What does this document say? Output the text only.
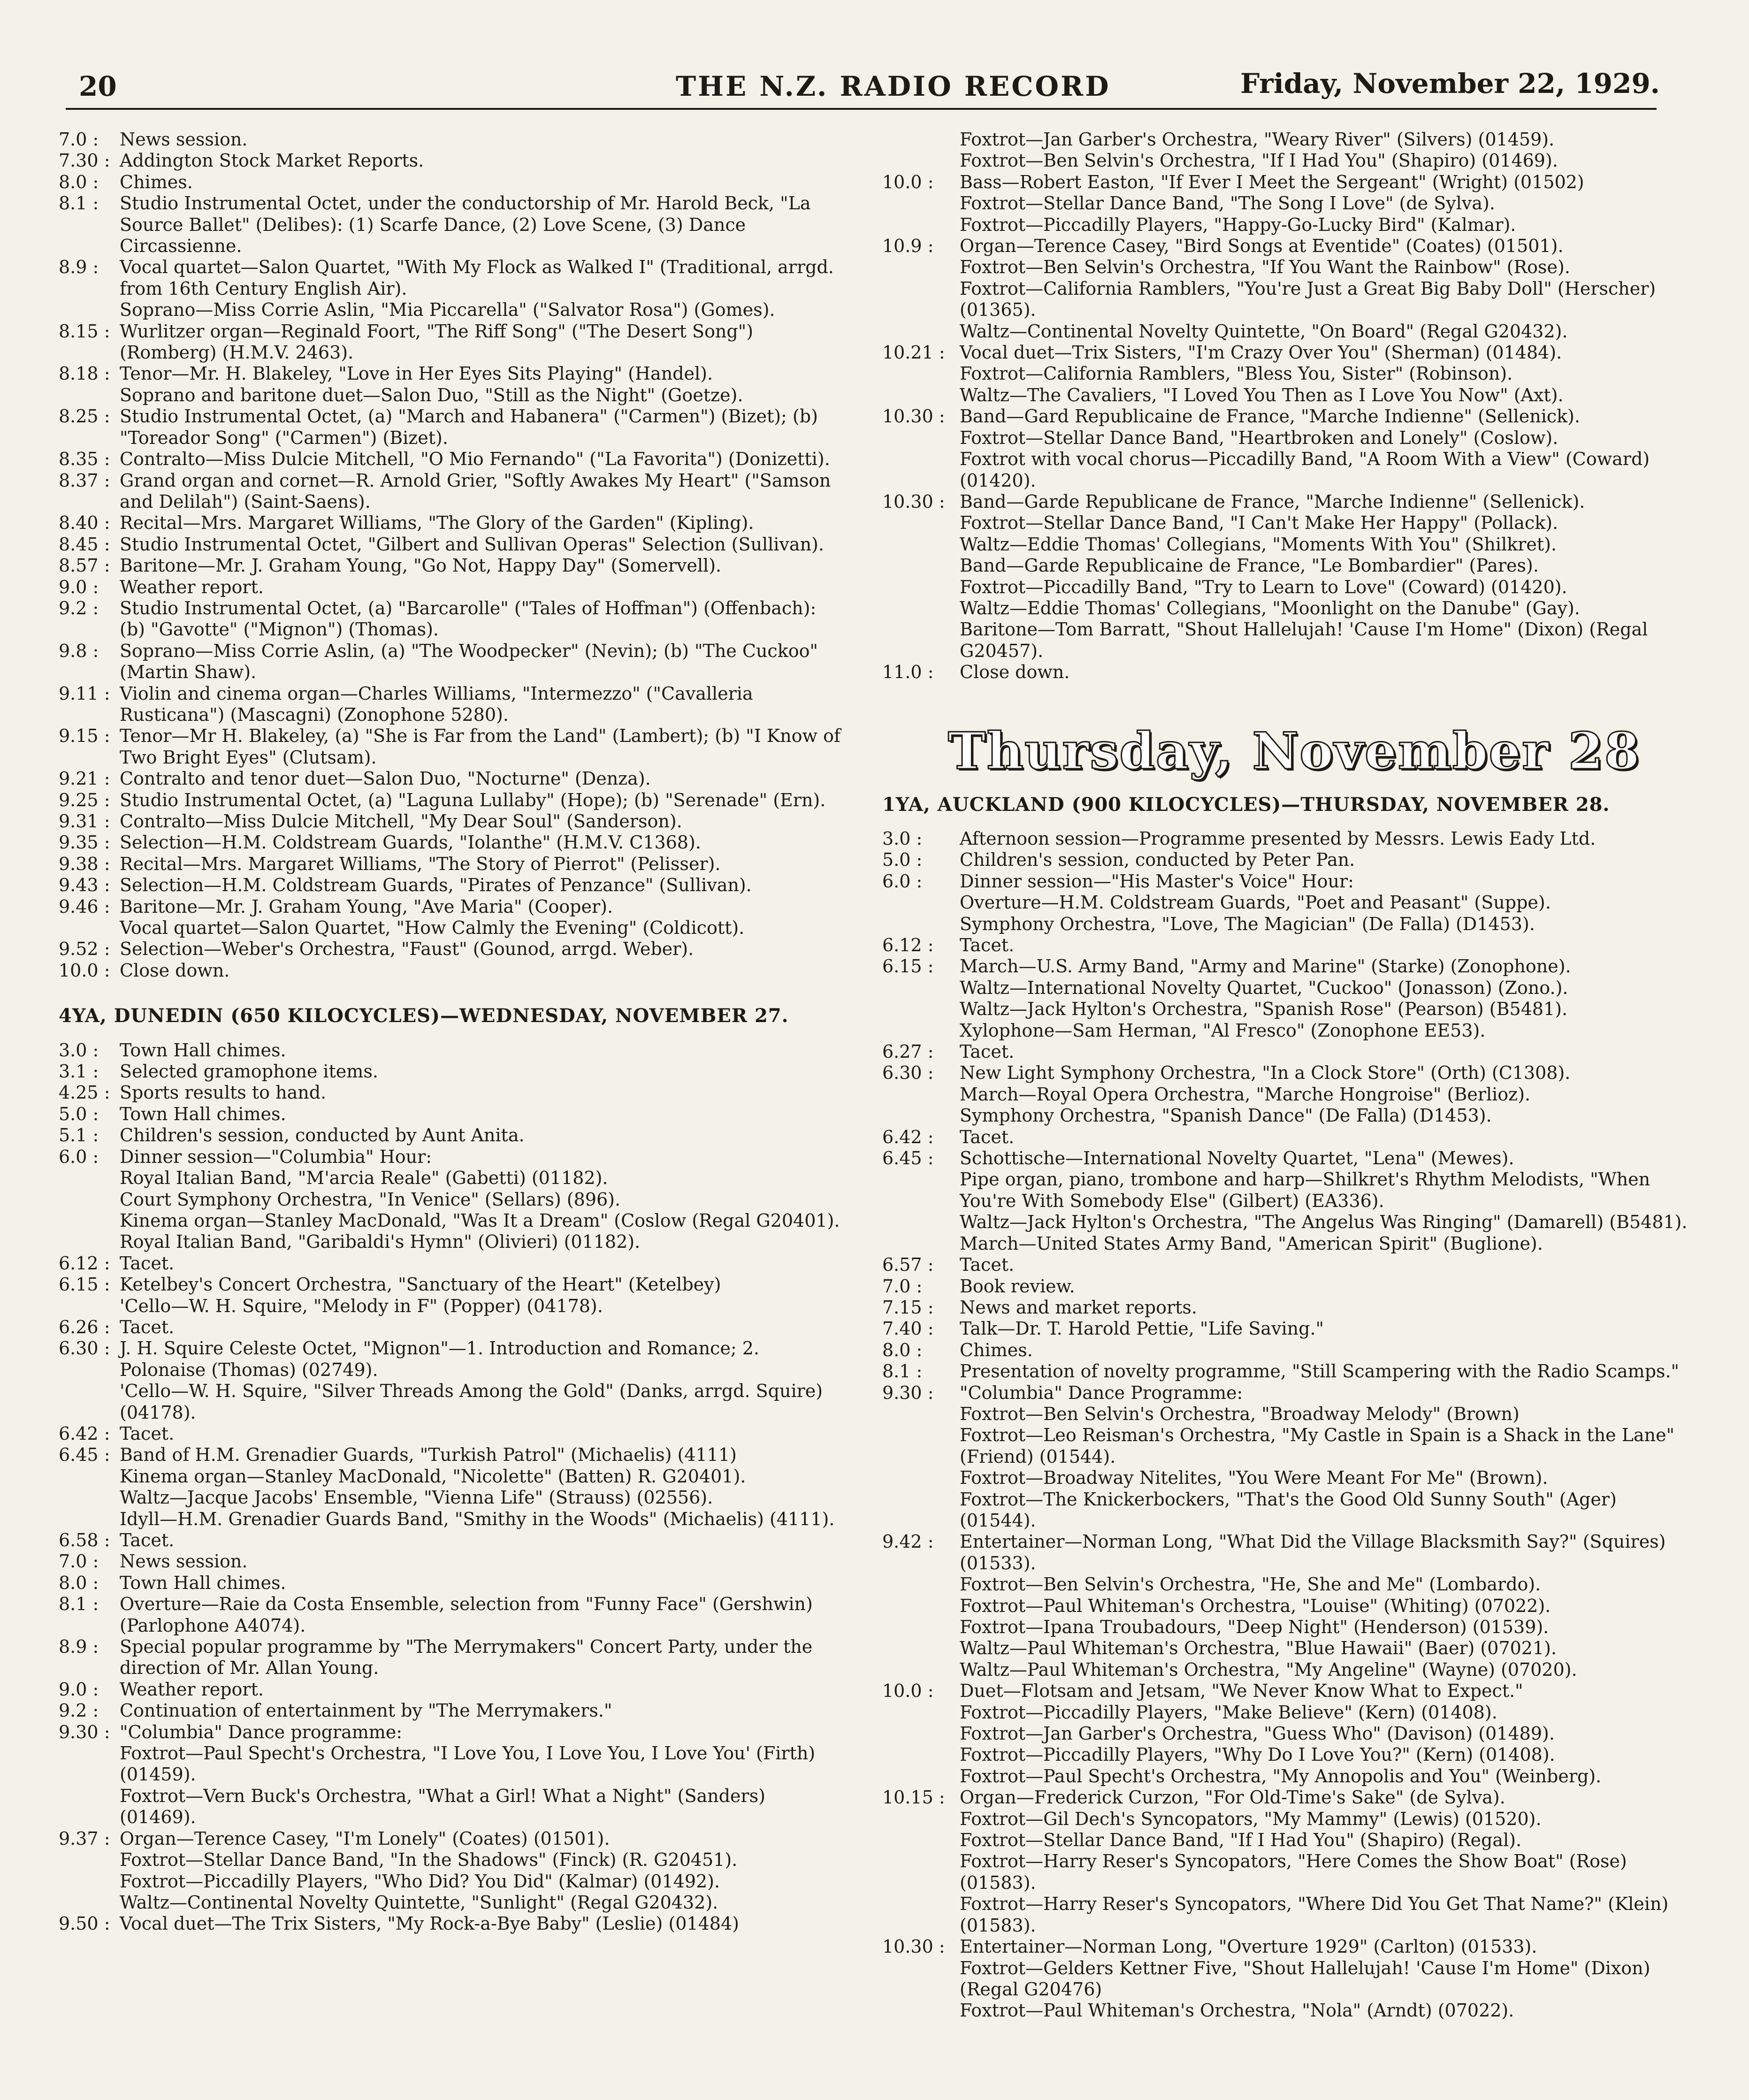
20	THE N.Z. RADIO RECORD	Friday, November 22, 1929.
7.0 :	News session.
7.30 : Addington Stock Market Reports.
8.0 :	Chimes.
8.1 :	Studio Instrumental Octet, under the conductorship of Mr. Harold Beck, "La Source Ballet" (Delibes): (1) Scarfe Dance, (2) Love Scene, (3) Dance Circassienne.
8.9 :	Vocal quartet—Salon Quartet, "With My Flock as Walked I" (Traditional, arrgd. from 16th Century English Air).
Soprano—Miss Corrie Aslin, "Mia Piccarella" ("Salvator Rosa") (Gomes).
8.15 : Wurlitzer organ—Reginald Foort, "The Riff Song" ("The Desert Song") (Romberg) (H.M.V. 2463).
8.18 : Tenor—Mr. H. Blakeley, "Love in Her Eyes Sits Playing" (Handel).
Soprano and baritone duet—Salon Duo, "Still as the Night" (Goetze).
8.25 : Studio Instrumental Octet, (a) "March and Habanera" ("Carmen") (Bizet); (b) "Toreador Song" ("Carmen") (Bizet).
8.35 : Contralto—Miss Dulcie Mitchell, "O Mio Fernando" ("La Favorita") (Donizetti).
8.37 : Grand organ and cornet—R. Arnold Grier, "Softly Awakes My Heart" ("Samson and Delilah") (Saint-Saens).
8.40 : Recital—Mrs. Margaret Williams, "The Glory of the Garden" (Kipling).
8.45 : Studio Instrumental Octet, "Gilbert and Sullivan Operas" Selection (Sullivan).
8.57 : Baritone—Mr. J. Graham Young, "Go Not, Happy Day" (Somervell).
9.0 :	Weather report.
9.2 :	Studio Instrumental Octet, (a) "Barcarolle" ("Tales of Hoffman") (Offenbach): (b) "Gavotte" ("Mignon") (Thomas).
9.8 :	Soprano—Miss Corrie Aslin, (a) "The Woodpecker" (Nevin); (b) "The Cuckoo" (Martin Shaw).
9.11 : Violin and cinema organ—Charles Williams, "Intermezzo" ("Cavalleria Rusticana") (Mascagni) (Zonophone 5280).
9.15 : Tenor—Mr H. Blakeley, (a) "She is Far from the Land" (Lambert); (b) "I Know of Two Bright Eyes" (Clutsam).
9.21 : Contralto and tenor duet—Salon Duo, "Nocturne" (Denza).
9.25 : Studio Instrumental Octet, (a) "Laguna Lullaby" (Hope); (b) "Serenade" (Ern).
9.31 : Contralto—Miss Dulcie Mitchell, "My Dear Soul" (Sanderson).
9.35 : Selection—H.M. Coldstream Guards, "Iolanthe" (H.M.V. C1368).
9.38 : Recital—Mrs. Margaret Williams, "The Story of Pierrot" (Pelisser).
9.43 : Selection—H.M. Coldstream Guards, "Pirates of Penzance" (Sullivan).
9.46 : Baritone—Mr. J. Graham Young, "Ave Maria" (Cooper).
Vocal quartet—Salon Quartet, "How Calmly the Evening" (Coldicott).
9.52 : Selection—Weber's Orchestra, "Faust" (Gounod, arrgd. Weber).
10.0 : Close down.
4YA, DUNEDIN (650 KILOCYCLES)—WEDNESDAY, NOVEMBER 27.
3.0 :	Town Hall chimes.
3.1 :	Selected gramophone items.
4.25 : Sports results to hand.
5.0 :	Town Hall chimes.
5.1 :	Children's session, conducted by Aunt Anita.
6.0 :	Dinner session—"Columbia" Hour:
Royal Italian Band, "M'arcia Reale" (Gabetti) (01182).
Court Symphony Orchestra, "In Venice" (Sellars) (896).
Kinema organ—Stanley MacDonald, "Was It a Dream" (Coslow (Regal G20401).
Royal Italian Band, "Garibaldi's Hymn" (Olivieri) (01182).
6.12 : Tacet.
6.15 : Ketelbey's Concert Orchestra, "Sanctuary of the Heart" (Ketelbey)
'Cello—W. H. Squire, "Melody in F" (Popper) (04178).
6.26 : Tacet.
6.30 : J. H. Squire Celeste Octet, "Mignon"—1. Introduction and Romance; 2. Polonaise (Thomas) (02749).
'Cello—W. H. Squire, "Silver Threads Among the Gold" (Danks, arrgd. Squire) (04178).
6.42 : Tacet.
6.45 : Band of H.M. Grenadier Guards, "Turkish Patrol" (Michaelis) (4111)
Kinema organ—Stanley MacDonald, "Nicolette" (Batten) R. G20401).
Waltz—Jacque Jacobs' Ensemble, "Vienna Life" (Strauss) (02556).
Idyll—H.M. Grenadier Guards Band, "Smithy in the Woods" (Michaelis) (4111).
6.58 : Tacet.
7.0 :	News session.
8.0 :	Town Hall chimes.
8.1 :	Overture—Raie da Costa Ensemble, selection from "Funny Face" (Gershwin) (Parlophone A4074).
8.9 :	Special popular programme by "The Merrymakers" Concert Party, under the direction of Mr. Allan Young.
9.0 :	Weather report.
9.2 :	Continuation of entertainment by "The Merrymakers."
9.30 : "Columbia" Dance programme:
Foxtrot—Paul Specht's Orchestra, "I Love You, I Love You, I Love You' (Firth) (01459).
Foxtrot—Vern Buck's Orchestra, "What a Girl! What a Night" (Sanders) (01469).
9.37 : Organ—Terence Casey, "I'm Lonely" (Coates) (01501).
Foxtrot—Stellar Dance Band, "In the Shadows" (Finck) (R. G20451).
Foxtrot—Piccadilly Players, "Who Did? You Did" (Kalmar) (01492).
Waltz—Continental Novelty Quintette, "Sunlight" (Regal G20432).
9.50 : Vocal duet—The Trix Sisters, "My Rock-a-Bye Baby" (Leslie) (01484)
Foxtrot—Jan Garber's Orchestra, "Weary River" (Silvers) (01459).
Foxtrot—Ben Selvin's Orchestra, "If I Had You" (Shapiro) (01469).
10.0 :	Bass—Robert Easton, "If Ever I Meet the Sergeant" (Wright) (01502)
Foxtrot—Stellar Dance Band, "The Song I Love" (de Sylva).
Foxtrot—Piccadilly Players, "Happy-Go-Lucky Bird" (Kalmar).
10.9 :	Organ—Terence Casey, "Bird Songs at Eventide" (Coates) (01501).
Foxtrot—Ben Selvin's Orchestra, "If You Want the Rainbow" (Rose).
Foxtrot—California Ramblers, "You're Just a Great Big Baby Doll" (Herscher) (01365).
Waltz—Continental Novelty Quintette, "On Board" (Regal G20432).
10.21 : Vocal duet—Trix Sisters, "I'm Crazy Over You" (Sherman) (01484).
Foxtrot—California Ramblers, "Bless You, Sister" (Robinson).
Waltz—The Cavaliers, "I Loved You Then as I Love You Now" (Axt).
10.30 : Band—Gard Republicaine de France, "Marche Indienne" (Sellenick).
Foxtrot—Stellar Dance Band, "Heartbroken and Lonely" (Coslow).
Foxtrot with vocal chorus—Piccadilly Band, "A Room With a View" (Coward) (01420).
10.30 : Band—Garde Republicane de France, "Marche Indienne" (Sellenick).
Foxtrot—Stellar Dance Band, "I Can't Make Her Happy" (Pollack).
Waltz—Eddie Thomas' Collegians, "Moments With You" (Shilkret).
Band—Garde Republicaine de France, "Le Bombardier" (Pares).
Foxtrot—Piccadilly Band, "Try to Learn to Love" (Coward) (01420).
Waltz—Eddie Thomas' Collegians, "Moonlight on the Danube" (Gay).
Baritone—Tom Barratt, "Shout Hallelujah! 'Cause I'm Home" (Dixon) (Regal G20457).
11.0 :	Close down.
Thursday, November 28
1YA, AUCKLAND (900 KILOCYCLES)—THURSDAY, NOVEMBER 28.
3.0 :	Afternoon session—Programme presented by Messrs. Lewis Eady Ltd.
5.0 :	Children's session, conducted by Peter Pan.
6.0 :	Dinner session—"His Master's Voice" Hour:
Overture—H.M. Coldstream Guards, "Poet and Peasant" (Suppe).
Symphony Orchestra, "Love, The Magician" (De Falla) (D1453).
6.12 :	Tacet.
6.15 :	March—U.S. Army Band, "Army and Marine" (Starke) (Zonophone).
Waltz—International Novelty Quartet, "Cuckoo" (Jonasson) (Zono.).
Waltz—Jack Hylton's Orchestra, "Spanish Rose" (Pearson) (B5481).
Xylophone—Sam Herman, "Al Fresco" (Zonophone EE53).
6.27 :	Tacet.
6.30 :	New Light Symphony Orchestra, "In a Clock Store" (Orth) (C1308).
March—Royal Opera Orchestra, "Marche Hongroise" (Berlioz).
Symphony Orchestra, "Spanish Dance" (De Falla) (D1453).
6.42 :	Tacet.
6.45 :	Schottische—International Novelty Quartet, "Lena" (Mewes).
Pipe organ, piano, trombone and harp—Shilkret's Rhythm Melodists, "When You're With Somebody Else" (Gilbert) (EA336).
Waltz—Jack Hylton's Orchestra, "The Angelus Was Ringing" (Damarell) (B5481).
March—United States Army Band, "American Spirit" (Buglione).
6.57 :	Tacet.
7.0 :	Book review.
7.15 :	News and market reports.
7.40 :	Talk—Dr. T. Harold Pettie, "Life Saving."
8.0 :	Chimes.
8.1 :	Presentation of novelty programme, "Still Scampering with the Radio Scamps."
9.30 :	"Columbia" Dance Programme:
Foxtrot—Ben Selvin's Orchestra, "Broadway Melody" (Brown)
Foxtrot—Leo Reisman's Orchestra, "My Castle in Spain is a Shack in the Lane" (Friend) (01544).
Foxtrot—Broadway Nitelites, "You Were Meant For Me" (Brown).
Foxtrot—The Knickerbockers, "That's the Good Old Sunny South" (Ager) (01544).
9.42 :	Entertainer—Norman Long, "What Did the Village Blacksmith Say?" (Squires) (01533).
Foxtrot—Ben Selvin's Orchestra, "He, She and Me" (Lombardo).
Foxtrot—Paul Whiteman's Orchestra, "Louise" (Whiting) (07022).
Foxtrot—Ipana Troubadours, "Deep Night" (Henderson) (01539).
Waltz—Paul Whiteman's Orchestra, "Blue Hawaii" (Baer) (07021).
Waltz—Paul Whiteman's Orchestra, "My Angeline" (Wayne) (07020).
10.0 :	Duet—Flotsam and Jetsam, "We Never Know What to Expect."
Foxtrot—Piccadilly Players, "Make Believe" (Kern) (01408).
Foxtrot—Jan Garber's Orchestra, "Guess Who" (Davison) (01489).
Foxtrot—Piccadilly Players, "Why Do I Love You?" (Kern) (01408).
Foxtrot—Paul Specht's Orchestra, "My Annopolis and You" (Weinberg).
10.15 : Organ—Frederick Curzon, "For Old-Time's Sake" (de Sylva).
Foxtrot—Gil Dech's Syncopators, "My Mammy" (Lewis) (01520).
Foxtrot—Stellar Dance Band, "If I Had You" (Shapiro) (Regal).
Foxtrot—Harry Reser's Syncopators, "Here Comes the Show Boat" (Rose) (01583).
Foxtrot—Harry Reser's Syncopators, "Where Did You Get That Name?" (Klein) (01583).
10.30 : Entertainer—Norman Long, "Overture 1929" (Carlton) (01533).
Foxtrot—Gelders Kettner Five, "Shout Hallelujah! 'Cause I'm Home" (Dixon) (Regal G20476)
Foxtrot—Paul Whiteman's Orchestra, "Nola" (Arndt) (07022).
